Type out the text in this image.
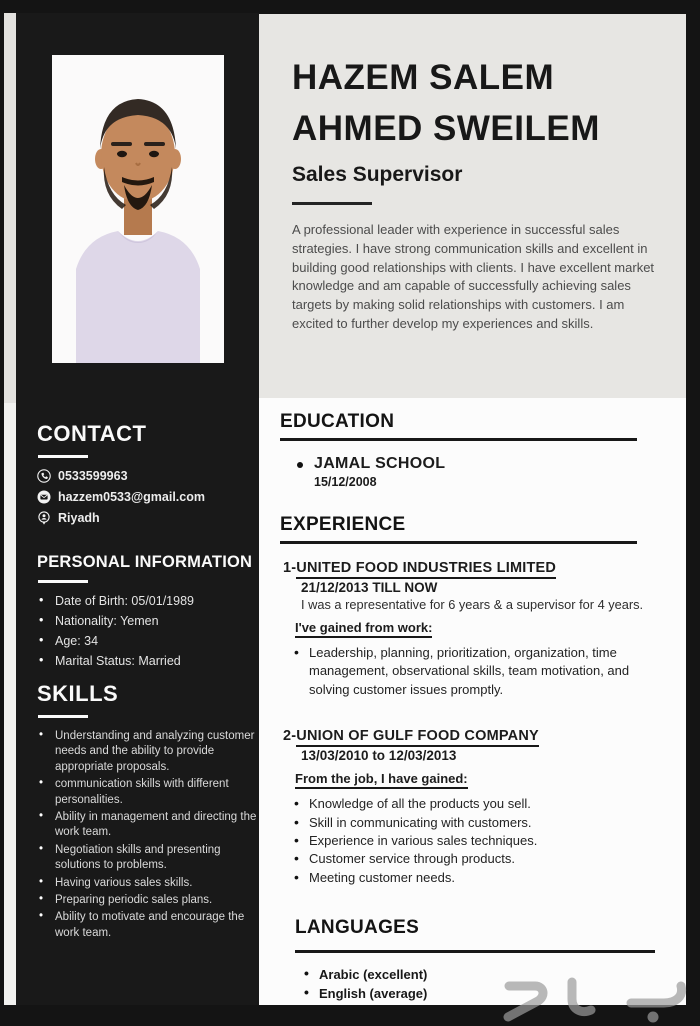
CONTACT
0533599963
hazzem0533@gmail.com
Riyadh
PERSONAL INFORMATION
• Date of Birth: 05/01/1989
• Nationality: Yemen
• Age: 34
• Marital Status: Married
SKILLS
• Understanding and analyzing customer needs and the ability to provide appropriate proposals.
• communication skills with different personalities.
• Ability in management and directing the work team.
• Negotiation skills and presenting solutions to problems.
• Having various sales skills.
• Preparing periodic sales plans.
• Ability to motivate and encourage the work team.
HAZEM SALEM
AHMED SWEILEM
Sales Supervisor
A professional leader with experience in successful sales strategies. I have strong communication skills and excellent in building good relationships with clients. I have excellent market knowledge and am capable of successfully achieving sales targets by making solid relationships with customers. I am excited to further develop my experiences and skills.
EDUCATION
JAMAL SCHOOL
15/12/2008
EXPERIENCE
1-UNITED FOOD INDUSTRIES LIMITED
21/12/2013 TILL NOW
I was a representative for 6 years & a supervisor for 4 years.
I've gained from work:
• Leadership, planning, prioritization, organization, time management, observational skills, team motivation, and solving customer issues promptly.
2-UNION OF GULF FOOD COMPANY
13/03/2010 to 12/03/2013
From the job, I have gained:
• Knowledge of all the products you sell.
• Skill in communicating with customers.
• Experience in various sales techniques.
• Customer service through products.
• Meeting customer needs.
LANGUAGES
• Arabic (excellent)
• English (average)
